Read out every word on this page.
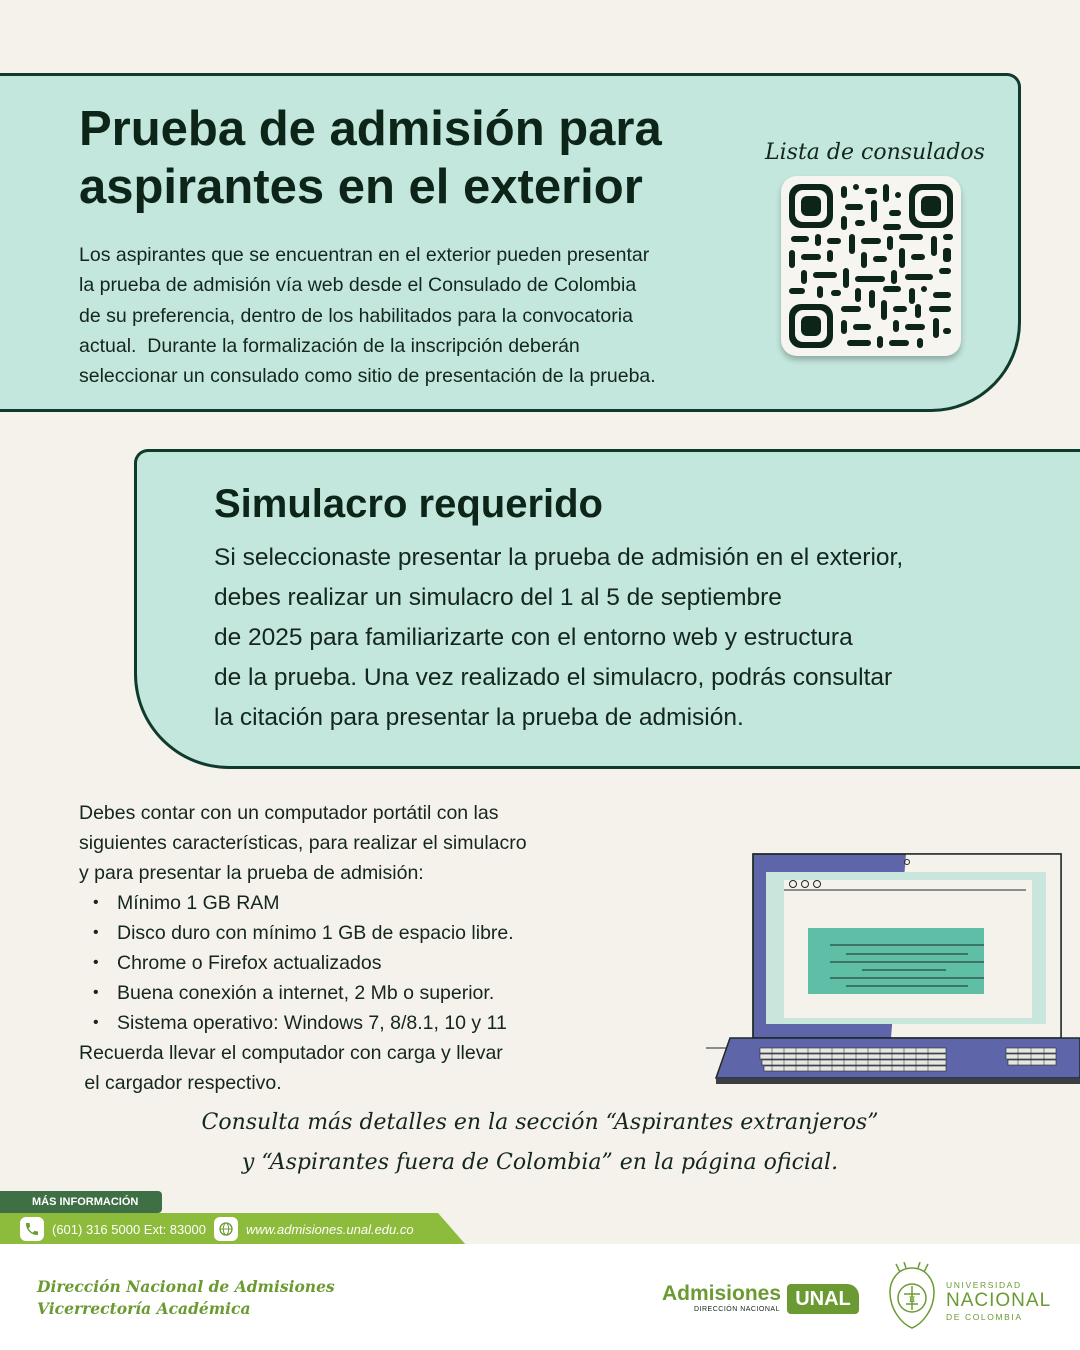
Prueba de admisión para
aspirantes en el exterior
Los aspirantes que se encuentran en el exterior pueden presentar
la prueba de admisión vía web desde el Consulado de Colombia
de su preferencia, dentro de los habilitados para la convocatoria
actual.  Durante la formalización de la inscripción deberán
seleccionar un consulado como sitio de presentación de la prueba.
Lista de consulados
Simulacro requerido
Si seleccionaste presentar la prueba de admisión en el exterior,
debes realizar un simulacro del 1 al 5 de septiembre
de 2025 para familiarizarte con el entorno web y estructura
de la prueba. Una vez realizado el simulacro, podrás consultar
la citación para presentar la prueba de admisión.
Debes contar con un computador portátil con las
siguientes características, para realizar el simulacro
y para presentar la prueba de admisión:
• Mínimo 1 GB RAM
• Disco duro con mínimo 1 GB de espacio libre.
• Chrome o Firefox actualizados
• Buena conexión a internet, 2 Mb o superior.
• Sistema operativo: Windows 7, 8/8.1, 10 y 11
Recuerda llevar el computador con carga y llevar
el cargador respectivo.
Consulta más detalles en la sección “Aspirantes extranjeros”
y “Aspirantes fuera de Colombia” en la página oficial.
MÁS INFORMACIÓN
(601) 316 5000 Ext: 83000	www.admisiones.unal.edu.co
Dirección Nacional de Admisiones
Vicerrectoría Académica
Admisiones
DIRECCIÓN NACIONAL UNAL	π
UNIVERSIDAD
NACIONAL
DE COLOMBIA
